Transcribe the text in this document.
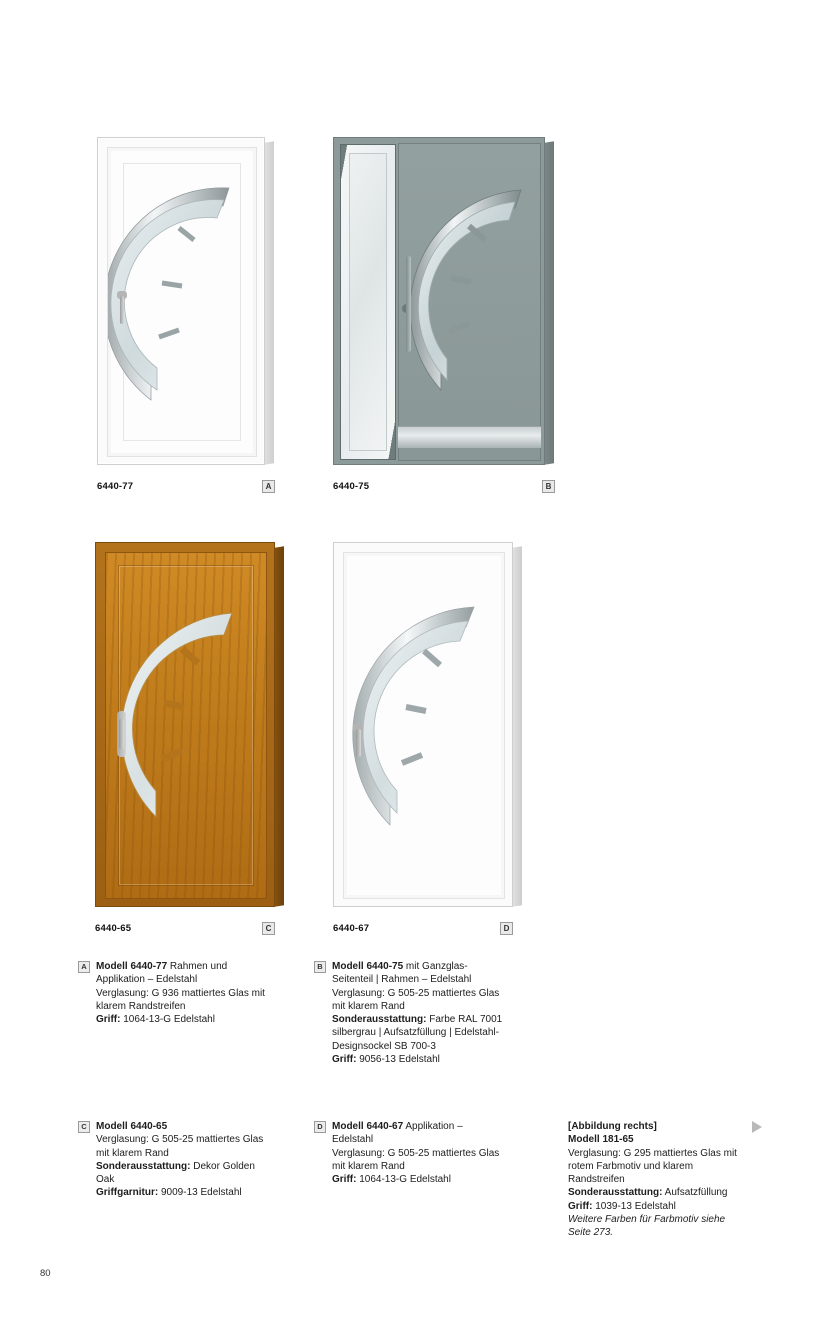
6440-77	A	6440-75	B
6440-65	C	6440-67	D
A Modell 6440-77 Rahmen und Applikation – Edelstahl
Verglasung: G 936 mattiertes Glas mit klarem Randstreifen
Griff: 1064-13-G Edelstahl
B Modell 6440-75 mit Ganzglas-Seitenteil | Rahmen – Edelstahl
Verglasung: G 505-25 mattiertes Glas mit klarem Rand
Sonderausstattung: Farbe RAL 7001 silbergrau | Aufsatzfüllung | Edelstahl-Designsockel SB 700-3
Griff: 9056-13 Edelstahl
C Modell 6440-65
Verglasung: G 505-25 mattiertes Glas mit klarem Rand
Sonderausstattung: Dekor Golden Oak
Griffgarnitur: 9009-13 Edelstahl
D Modell 6440-67 Applikation – Edelstahl
Verglasung: G 505-25 mattiertes Glas mit klarem Rand
Griff: 1064-13-G Edelstahl
[Abbildung rechts]
Modell 181-65
Verglasung: G 295 mattiertes Glas mit rotem Farbmotiv und klarem Randstreifen
Sonderausstattung: Aufsatzfüllung
Griff: 1039-13 Edelstahl
Weitere Farben für Farbmotiv siehe Seite 273.
80
